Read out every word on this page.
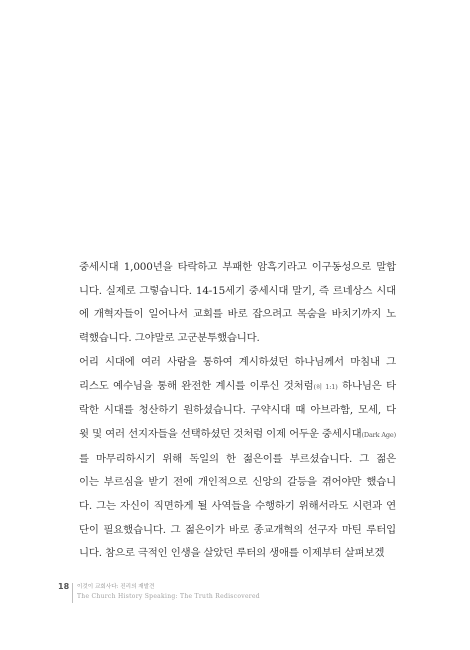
중세시대 1,000년을 타락하고 부패한 암흑기라고 이구동성으로 말합
니다. 실제로 그렇습니다. 14-15세기 중세시대 말기, 즉 르네상스 시대
에 개혁자들이 일어나서 교회를 바로 잡으려고 목숨을 바치기까지 노
력했습니다. 그야말로 고군분투했습니다.

어리 시대에 여러 사람을 통하여 계시하셨던 하나님께서 마침내 그
리스도 예수님을 통해 완전한 계시를 이루신 것처럼(히 1:1) 하나님은 타
락한 시대를 청산하기 원하셨습니다. 구약시대 때 아브라함, 모세, 다
윗 및 여러 선지자들을 선택하셨던 것처럼 이제 어두운 중세시대(Dark Age)
를 마무리하시기 위해 독일의 한 젊은이를 부르셨습니다. 그 젊은
이는 부르심을 받기 전에 개인적으로 신앙의 갈등을 겪어야만 했습니
다. 그는 자신이 직면하게 될 사역들을 수행하기 위해서라도 시련과 연
단이 필요했습니다. 그 젊은이가 바로 종교개혁의 선구자 마틴 루터입
니다. 참으로 극적인 인생을 살았던 루터의 생애를 이제부터 살펴보겠

18 이것이 교회사다: 진리의 재발견
The Church History Speaking: The Truth Rediscovered
